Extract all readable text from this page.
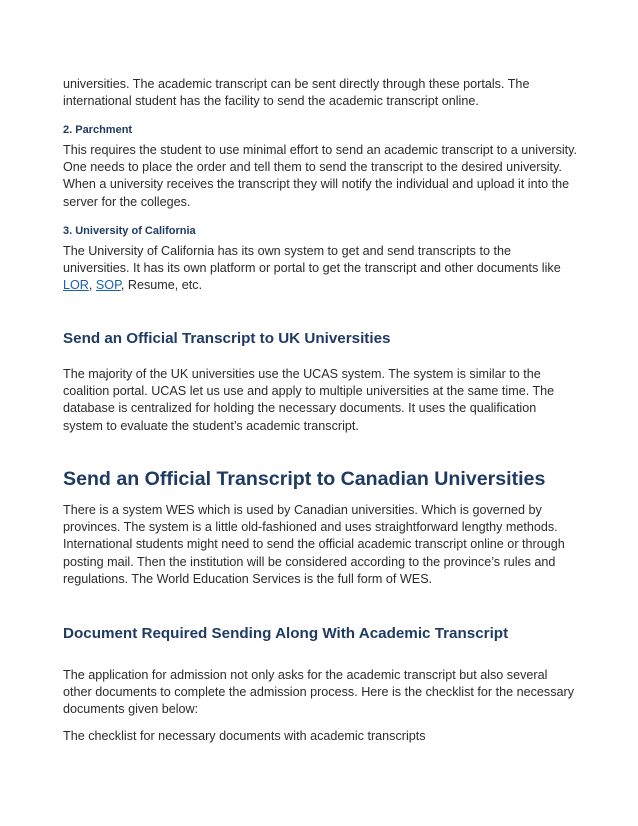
universities. The academic transcript can be sent directly through these portals. The international student has the facility to send the academic transcript online.

2. Parchment

This requires the student to use minimal effort to send an academic transcript to a university. One needs to place the order and tell them to send the transcript to the desired university. When a university receives the transcript they will notify the individual and upload it into the server for the colleges.

3. University of California

The University of California has its own system to get and send transcripts to the universities. It has its own platform or portal to get the transcript and other documents like LOR, SOP, Resume, etc.

Send an Official Transcript to UK Universities

The majority of the UK universities use the UCAS system. The system is similar to the coalition portal. UCAS let us use and apply to multiple universities at the same time. The database is centralized for holding the necessary documents. It uses the qualification system to evaluate the student’s academic transcript.

Send an Official Transcript to Canadian Universities

There is a system WES which is used by Canadian universities. Which is governed by provinces. The system is a little old-fashioned and uses straightforward lengthy methods. International students might need to send the official academic transcript online or through posting mail. Then the institution will be considered according to the province’s rules and regulations. The World Education Services is the full form of WES.

Document Required Sending Along With Academic Transcript

The application for admission not only asks for the academic transcript but also several other documents to complete the admission process. Here is the checklist for the necessary documents given below:

The checklist for necessary documents with academic transcripts
